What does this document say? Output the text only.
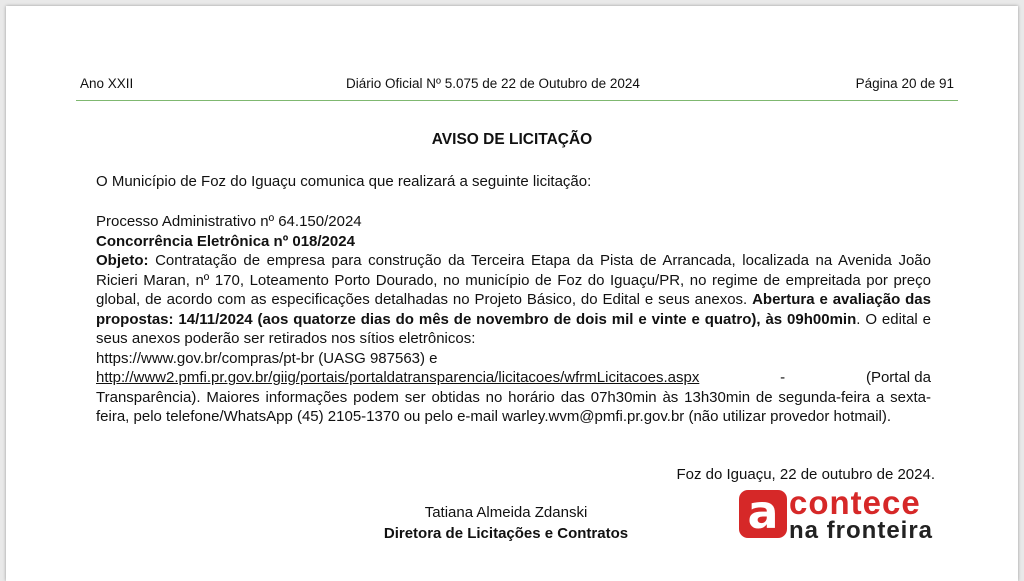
Ano XXII	Diário Oficial Nº 5.075 de 22 de Outubro de 2024	Página 20 de 91
AVISO DE LICITAÇÃO
O Município de Foz do Iguaçu comunica que realizará a seguinte licitação:

Processo Administrativo nº 64.150/2024

Concorrência Eletrônica nº 018/2024

Objeto: Contratação de empresa para construção da Terceira Etapa da Pista de Arrancada, localizada na Avenida João Ricieri Maran, nº 170, Loteamento Porto Dourado, no município de Foz do Iguaçu/PR, no regime de empreitada por preço global, de acordo com as especificações detalhadas no Projeto Básico, do Edital e seus anexos. Abertura e avaliação das propostas: 14/11/2024 (aos quatorze dias do mês de novembro de dois mil e vinte e quatro), às 09h00min. O edital e seus anexos poderão ser retirados nos sítios eletrônicos:

https://www.gov.br/compras/pt-br (UASG 987563) e

http://www2.pmfi.pr.gov.br/giig/portais/portaldatransparencia/licitacoes/wfrmLicitacoes.aspx	-	(Portal da

Transparência). Maiores informações podem ser obtidas no horário das 07h30min às 13h30min de segunda-feira a sexta-feira, pelo telefone/WhatsApp (45) 2105-1370 ou pelo e-mail warley.wvm@pmfi.pr.gov.br (não utilizar provedor hotmail).

Foz do Iguaçu, 22 de outubro de 2024.
Tatiana Almeida Zdanski
Diretora de Licitações e Contratos	a contece
na fronteira
